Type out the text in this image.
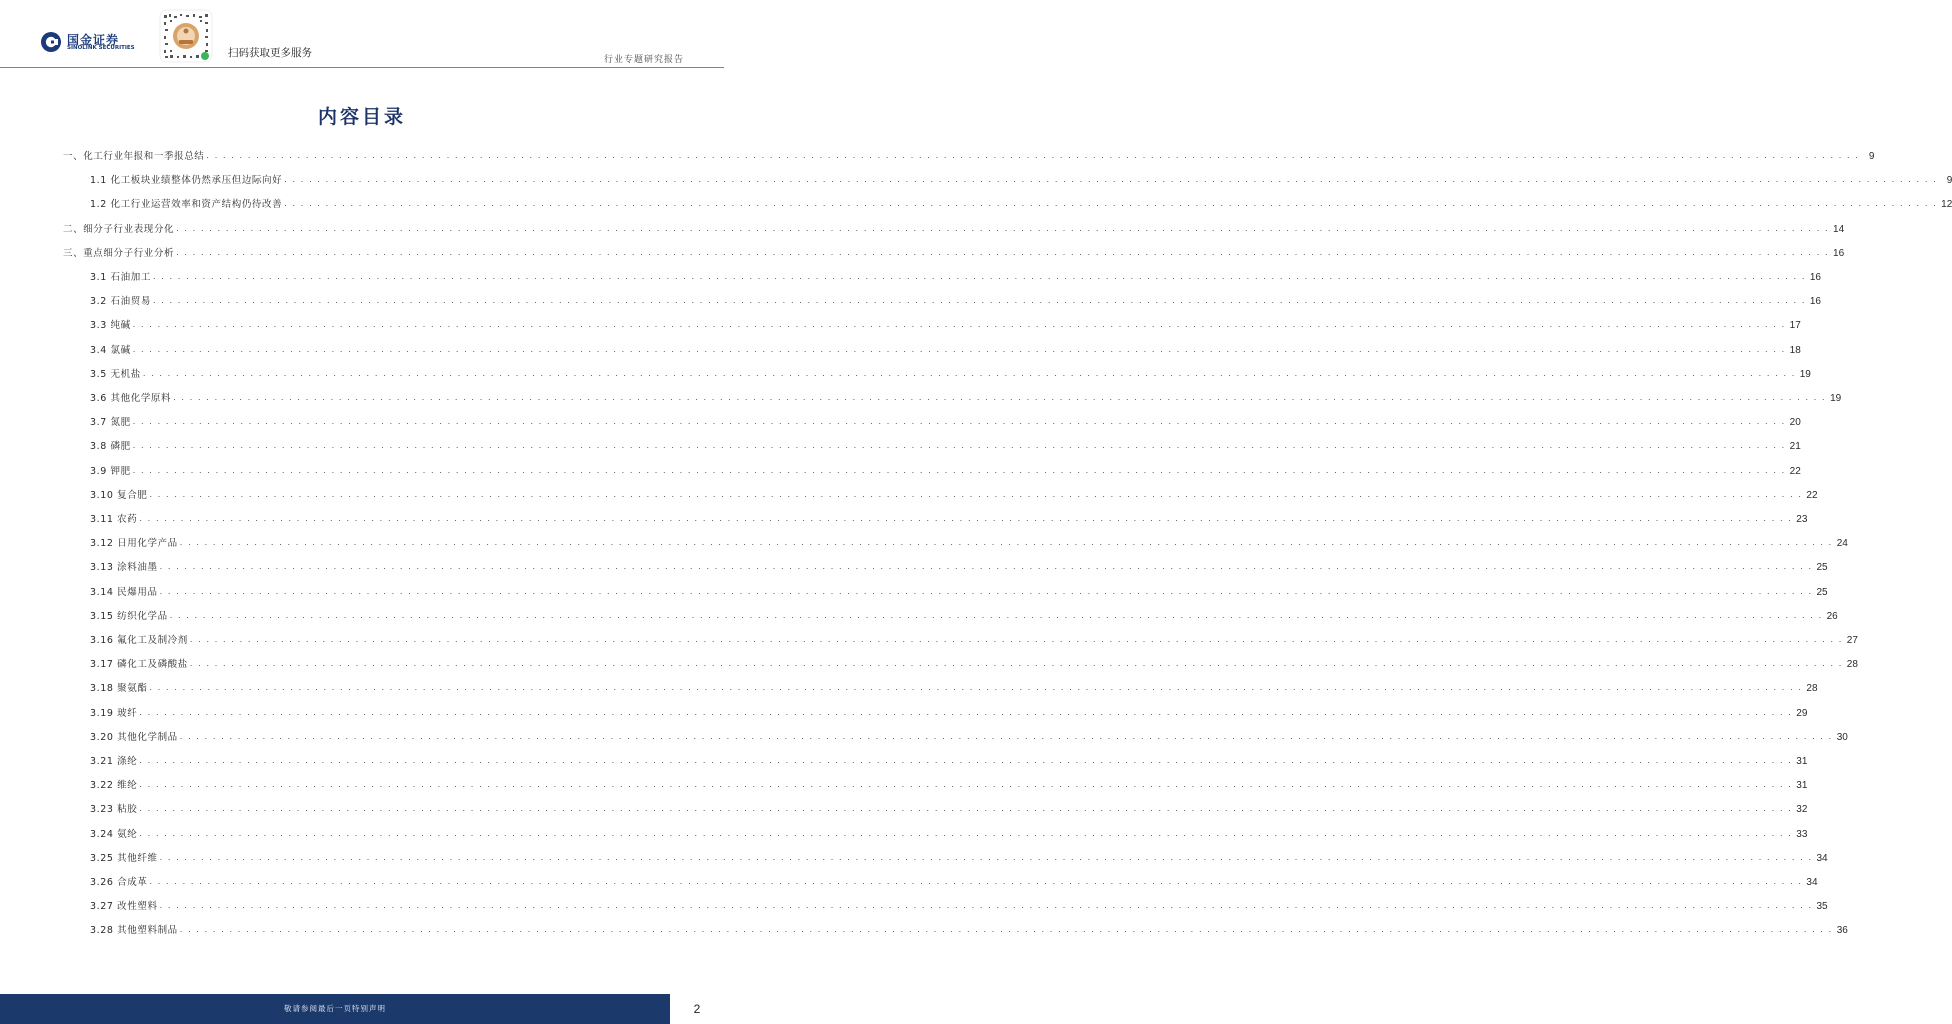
国金证券
SINOLINK SECURITIES	扫码获取更多服务
行业专题研究报告
内容目录
一、化工行业年报和一季报总结 . . . . . . . . . . . . . . . . . . . . . . . . . . . . . . . . . . . . . . . . . . . . . . . . . . . . . . . . . . . . . . . . . . . . . . . . . . . . . . . . . . . . . . . . . . . . . . . . . . . . . . . . . . . . . . . . . . . . . . . . . . . . . . . . . . . . . . . . . . . . . . . . . . . . . . . . . . . . . . . . . . . . . . . . . . . . . . . . . . . . . . . . . . . . . . . . . . . . . . . . 9
1.1 化工板块业绩整体仍然承压但边际向好 . . . . . . . . . . . . . . . . . . . . . . . . . . . . . . . . . . . . . . . . . . . . . . . . . . . . . . . . . . . . . . . . . . . . . . . . . . . . . . . . . . . . . . . . . . . . . . . . . . . . . . . . . . . . . . . . . . . . . . . . . . . . . . . . . . . . . . . . . . . . . . . . . . . . . . . . . . . . . . . . . . . . . . . . . . . . . . . . . . . . . . . . . . . . . . . . . . . . . . . . 9
1.2 化工行业运营效率和资产结构仍待改善 . . . . . . . . . . . . . . . . . . . . . . . . . . . . . . . . . . . . . . . . . . . . . . . . . . . . . . . . . . . . . . . . . . . . . . . . . . . . . . . . . . . . . . . . . . . . . . . . . . . . . . . . . . . . . . . . . . . . . . . . . . . . . . . . . . . . . . . . . . . . . . . . . . . . . . . . . . . . . . . . . . . . . . . . . . . . . . . . . . . . . . . . . . . . . . . . . . . . . . . . 12
二、细分子行业表现分化 . . . . . . . . . . . . . . . . . . . . . . . . . . . . . . . . . . . . . . . . . . . . . . . . . . . . . . . . . . . . . . . . . . . . . . . . . . . . . . . . . . . . . . . . . . . . . . . . . . . . . . . . . . . . . . . . . . . . . . . . . . . . . . . . . . . . . . . . . . . . . . . . . . . . . . . . . . . . . . . . . . . . . . . . . . . . . . . . . . . . . . . . . . . . . . . . . . . . . . . . 14
三、重点细分子行业分析 . . . . . . . . . . . . . . . . . . . . . . . . . . . . . . . . . . . . . . . . . . . . . . . . . . . . . . . . . . . . . . . . . . . . . . . . . . . . . . . . . . . . . . . . . . . . . . . . . . . . . . . . . . . . . . . . . . . . . . . . . . . . . . . . . . . . . . . . . . . . . . . . . . . . . . . . . . . . . . . . . . . . . . . . . . . . . . . . . . . . . . . . . . . . . . . . . . . . . . . . 16
3.1 石油加工 . . . . . . . . . . . . . . . . . . . . . . . . . . . . . . . . . . . . . . . . . . . . . . . . . . . . . . . . . . . . . . . . . . . . . . . . . . . . . . . . . . . . . . . . . . . . . . . . . . . . . . . . . . . . . . . . . . . . . . . . . . . . . . . . . . . . . . . . . . . . . . . . . . . . . . . . . . . . . . . . . . . . . . . . . . . . . . . . . . . . . . . . . . . . . . . . . . . . . . . . 16
3.2 石油贸易 . . . . . . . . . . . . . . . . . . . . . . . . . . . . . . . . . . . . . . . . . . . . . . . . . . . . . . . . . . . . . . . . . . . . . . . . . . . . . . . . . . . . . . . . . . . . . . . . . . . . . . . . . . . . . . . . . . . . . . . . . . . . . . . . . . . . . . . . . . . . . . . . . . . . . . . . . . . . . . . . . . . . . . . . . . . . . . . . . . . . . . . . . . . . . . . . . . . . . . . . 16
3.3 纯碱 . . . . . . . . . . . . . . . . . . . . . . . . . . . . . . . . . . . . . . . . . . . . . . . . . . . . . . . . . . . . . . . . . . . . . . . . . . . . . . . . . . . . . . . . . . . . . . . . . . . . . . . . . . . . . . . . . . . . . . . . . . . . . . . . . . . . . . . . . . . . . . . . . . . . . . . . . . . . . . . . . . . . . . . . . . . . . . . . . . . . . . . . . . . . . . . . . . . . . . . . 17
3.4 氯碱 . . . . . . . . . . . . . . . . . . . . . . . . . . . . . . . . . . . . . . . . . . . . . . . . . . . . . . . . . . . . . . . . . . . . . . . . . . . . . . . . . . . . . . . . . . . . . . . . . . . . . . . . . . . . . . . . . . . . . . . . . . . . . . . . . . . . . . . . . . . . . . . . . . . . . . . . . . . . . . . . . . . . . . . . . . . . . . . . . . . . . . . . . . . . . . . . . . . . . . . . 18
3.5 无机盐 . . . . . . . . . . . . . . . . . . . . . . . . . . . . . . . . . . . . . . . . . . . . . . . . . . . . . . . . . . . . . . . . . . . . . . . . . . . . . . . . . . . . . . . . . . . . . . . . . . . . . . . . . . . . . . . . . . . . . . . . . . . . . . . . . . . . . . . . . . . . . . . . . . . . . . . . . . . . . . . . . . . . . . . . . . . . . . . . . . . . . . . . . . . . . . . . . . . . . . . . 19
3.6 其他化学原料 . . . . . . . . . . . . . . . . . . . . . . . . . . . . . . . . . . . . . . . . . . . . . . . . . . . . . . . . . . . . . . . . . . . . . . . . . . . . . . . . . . . . . . . . . . . . . . . . . . . . . . . . . . . . . . . . . . . . . . . . . . . . . . . . . . . . . . . . . . . . . . . . . . . . . . . . . . . . . . . . . . . . . . . . . . . . . . . . . . . . . . . . . . . . . . . . . . . . . . . . 19
3.7 氮肥 . . . . . . . . . . . . . . . . . . . . . . . . . . . . . . . . . . . . . . . . . . . . . . . . . . . . . . . . . . . . . . . . . . . . . . . . . . . . . . . . . . . . . . . . . . . . . . . . . . . . . . . . . . . . . . . . . . . . . . . . . . . . . . . . . . . . . . . . . . . . . . . . . . . . . . . . . . . . . . . . . . . . . . . . . . . . . . . . . . . . . . . . . . . . . . . . . . . . . . . . 20
3.8 磷肥 . . . . . . . . . . . . . . . . . . . . . . . . . . . . . . . . . . . . . . . . . . . . . . . . . . . . . . . . . . . . . . . . . . . . . . . . . . . . . . . . . . . . . . . . . . . . . . . . . . . . . . . . . . . . . . . . . . . . . . . . . . . . . . . . . . . . . . . . . . . . . . . . . . . . . . . . . . . . . . . . . . . . . . . . . . . . . . . . . . . . . . . . . . . . . . . . . . . . . . . . 21
3.9 钾肥 . . . . . . . . . . . . . . . . . . . . . . . . . . . . . . . . . . . . . . . . . . . . . . . . . . . . . . . . . . . . . . . . . . . . . . . . . . . . . . . . . . . . . . . . . . . . . . . . . . . . . . . . . . . . . . . . . . . . . . . . . . . . . . . . . . . . . . . . . . . . . . . . . . . . . . . . . . . . . . . . . . . . . . . . . . . . . . . . . . . . . . . . . . . . . . . . . . . . . . . . 22
3.10 复合肥 . . . . . . . . . . . . . . . . . . . . . . . . . . . . . . . . . . . . . . . . . . . . . . . . . . . . . . . . . . . . . . . . . . . . . . . . . . . . . . . . . . . . . . . . . . . . . . . . . . . . . . . . . . . . . . . . . . . . . . . . . . . . . . . . . . . . . . . . . . . . . . . . . . . . . . . . . . . . . . . . . . . . . . . . . . . . . . . . . . . . . . . . . . . . . . . . . . . . . . . . 22
3.11 农药 . . . . . . . . . . . . . . . . . . . . . . . . . . . . . . . . . . . . . . . . . . . . . . . . . . . . . . . . . . . . . . . . . . . . . . . . . . . . . . . . . . . . . . . . . . . . . . . . . . . . . . . . . . . . . . . . . . . . . . . . . . . . . . . . . . . . . . . . . . . . . . . . . . . . . . . . . . . . . . . . . . . . . . . . . . . . . . . . . . . . . . . . . . . . . . . . . . . . . . . . 23
3.12 日用化学产品 . . . . . . . . . . . . . . . . . . . . . . . . . . . . . . . . . . . . . . . . . . . . . . . . . . . . . . . . . . . . . . . . . . . . . . . . . . . . . . . . . . . . . . . . . . . . . . . . . . . . . . . . . . . . . . . . . . . . . . . . . . . . . . . . . . . . . . . . . . . . . . . . . . . . . . . . . . . . . . . . . . . . . . . . . . . . . . . . . . . . . . . . . . . . . . . . . . . . . . . . 24
3.13 涂料油墨 . . . . . . . . . . . . . . . . . . . . . . . . . . . . . . . . . . . . . . . . . . . . . . . . . . . . . . . . . . . . . . . . . . . . . . . . . . . . . . . . . . . . . . . . . . . . . . . . . . . . . . . . . . . . . . . . . . . . . . . . . . . . . . . . . . . . . . . . . . . . . . . . . . . . . . . . . . . . . . . . . . . . . . . . . . . . . . . . . . . . . . . . . . . . . . . . . . . . . . . . 25
3.14 民爆用品 . . . . . . . . . . . . . . . . . . . . . . . . . . . . . . . . . . . . . . . . . . . . . . . . . . . . . . . . . . . . . . . . . . . . . . . . . . . . . . . . . . . . . . . . . . . . . . . . . . . . . . . . . . . . . . . . . . . . . . . . . . . . . . . . . . . . . . . . . . . . . . . . . . . . . . . . . . . . . . . . . . . . . . . . . . . . . . . . . . . . . . . . . . . . . . . . . . . . . . . . 25
3.15 纺织化学品 . . . . . . . . . . . . . . . . . . . . . . . . . . . . . . . . . . . . . . . . . . . . . . . . . . . . . . . . . . . . . . . . . . . . . . . . . . . . . . . . . . . . . . . . . . . . . . . . . . . . . . . . . . . . . . . . . . . . . . . . . . . . . . . . . . . . . . . . . . . . . . . . . . . . . . . . . . . . . . . . . . . . . . . . . . . . . . . . . . . . . . . . . . . . . . . . . . . . . . . . 26
3.16 氟化工及制冷剂 . . . . . . . . . . . . . . . . . . . . . . . . . . . . . . . . . . . . . . . . . . . . . . . . . . . . . . . . . . . . . . . . . . . . . . . . . . . . . . . . . . . . . . . . . . . . . . . . . . . . . . . . . . . . . . . . . . . . . . . . . . . . . . . . . . . . . . . . . . . . . . . . . . . . . . . . . . . . . . . . . . . . . . . . . . . . . . . . . . . . . . . . . . . . . . . . . . . . . . . . 27
3.17 磷化工及磷酸盐 . . . . . . . . . . . . . . . . . . . . . . . . . . . . . . . . . . . . . . . . . . . . . . . . . . . . . . . . . . . . . . . . . . . . . . . . . . . . . . . . . . . . . . . . . . . . . . . . . . . . . . . . . . . . . . . . . . . . . . . . . . . . . . . . . . . . . . . . . . . . . . . . . . . . . . . . . . . . . . . . . . . . . . . . . . . . . . . . . . . . . . . . . . . . . . . . . . . . . . . . 28
3.18 聚氨酯 . . . . . . . . . . . . . . . . . . . . . . . . . . . . . . . . . . . . . . . . . . . . . . . . . . . . . . . . . . . . . . . . . . . . . . . . . . . . . . . . . . . . . . . . . . . . . . . . . . . . . . . . . . . . . . . . . . . . . . . . . . . . . . . . . . . . . . . . . . . . . . . . . . . . . . . . . . . . . . . . . . . . . . . . . . . . . . . . . . . . . . . . . . . . . . . . . . . . . . . . 28
3.19 玻纤 . . . . . . . . . . . . . . . . . . . . . . . . . . . . . . . . . . . . . . . . . . . . . . . . . . . . . . . . . . . . . . . . . . . . . . . . . . . . . . . . . . . . . . . . . . . . . . . . . . . . . . . . . . . . . . . . . . . . . . . . . . . . . . . . . . . . . . . . . . . . . . . . . . . . . . . . . . . . . . . . . . . . . . . . . . . . . . . . . . . . . . . . . . . . . . . . . . . . . . . . 29
3.20 其他化学制品 . . . . . . . . . . . . . . . . . . . . . . . . . . . . . . . . . . . . . . . . . . . . . . . . . . . . . . . . . . . . . . . . . . . . . . . . . . . . . . . . . . . . . . . . . . . . . . . . . . . . . . . . . . . . . . . . . . . . . . . . . . . . . . . . . . . . . . . . . . . . . . . . . . . . . . . . . . . . . . . . . . . . . . . . . . . . . . . . . . . . . . . . . . . . . . . . . . . . . . . . 30
3.21 涤纶 . . . . . . . . . . . . . . . . . . . . . . . . . . . . . . . . . . . . . . . . . . . . . . . . . . . . . . . . . . . . . . . . . . . . . . . . . . . . . . . . . . . . . . . . . . . . . . . . . . . . . . . . . . . . . . . . . . . . . . . . . . . . . . . . . . . . . . . . . . . . . . . . . . . . . . . . . . . . . . . . . . . . . . . . . . . . . . . . . . . . . . . . . . . . . . . . . . . . . . . . 31
3.22 维纶 . . . . . . . . . . . . . . . . . . . . . . . . . . . . . . . . . . . . . . . . . . . . . . . . . . . . . . . . . . . . . . . . . . . . . . . . . . . . . . . . . . . . . . . . . . . . . . . . . . . . . . . . . . . . . . . . . . . . . . . . . . . . . . . . . . . . . . . . . . . . . . . . . . . . . . . . . . . . . . . . . . . . . . . . . . . . . . . . . . . . . . . . . . . . . . . . . . . . . . . . 31
3.23 粘胶 . . . . . . . . . . . . . . . . . . . . . . . . . . . . . . . . . . . . . . . . . . . . . . . . . . . . . . . . . . . . . . . . . . . . . . . . . . . . . . . . . . . . . . . . . . . . . . . . . . . . . . . . . . . . . . . . . . . . . . . . . . . . . . . . . . . . . . . . . . . . . . . . . . . . . . . . . . . . . . . . . . . . . . . . . . . . . . . . . . . . . . . . . . . . . . . . . . . . . . . . 32
3.24 氨纶 . . . . . . . . . . . . . . . . . . . . . . . . . . . . . . . . . . . . . . . . . . . . . . . . . . . . . . . . . . . . . . . . . . . . . . . . . . . . . . . . . . . . . . . . . . . . . . . . . . . . . . . . . . . . . . . . . . . . . . . . . . . . . . . . . . . . . . . . . . . . . . . . . . . . . . . . . . . . . . . . . . . . . . . . . . . . . . . . . . . . . . . . . . . . . . . . . . . . . . . . 33
3.25 其他纤维 . . . . . . . . . . . . . . . . . . . . . . . . . . . . . . . . . . . . . . . . . . . . . . . . . . . . . . . . . . . . . . . . . . . . . . . . . . . . . . . . . . . . . . . . . . . . . . . . . . . . . . . . . . . . . . . . . . . . . . . . . . . . . . . . . . . . . . . . . . . . . . . . . . . . . . . . . . . . . . . . . . . . . . . . . . . . . . . . . . . . . . . . . . . . . . . . . . . . . . . . 34
3.26 合成革 . . . . . . . . . . . . . . . . . . . . . . . . . . . . . . . . . . . . . . . . . . . . . . . . . . . . . . . . . . . . . . . . . . . . . . . . . . . . . . . . . . . . . . . . . . . . . . . . . . . . . . . . . . . . . . . . . . . . . . . . . . . . . . . . . . . . . . . . . . . . . . . . . . . . . . . . . . . . . . . . . . . . . . . . . . . . . . . . . . . . . . . . . . . . . . . . . . . . . . . . 34
3.27 改性塑料 . . . . . . . . . . . . . . . . . . . . . . . . . . . . . . . . . . . . . . . . . . . . . . . . . . . . . . . . . . . . . . . . . . . . . . . . . . . . . . . . . . . . . . . . . . . . . . . . . . . . . . . . . . . . . . . . . . . . . . . . . . . . . . . . . . . . . . . . . . . . . . . . . . . . . . . . . . . . . . . . . . . . . . . . . . . . . . . . . . . . . . . . . . . . . . . . . . . . . . . . 35
3.28 其他塑料制品 . . . . . . . . . . . . . . . . . . . . . . . . . . . . . . . . . . . . . . . . . . . . . . . . . . . . . . . . . . . . . . . . . . . . . . . . . . . . . . . . . . . . . . . . . . . . . . . . . . . . . . . . . . . . . . . . . . . . . . . . . . . . . . . . . . . . . . . . . . . . . . . . . . . . . . . . . . . . . . . . . . . . . . . . . . . . . . . . . . . . . . . . . . . . . . . . . . . . . . . . 36
敬请参阅最后一页特别声明	2
